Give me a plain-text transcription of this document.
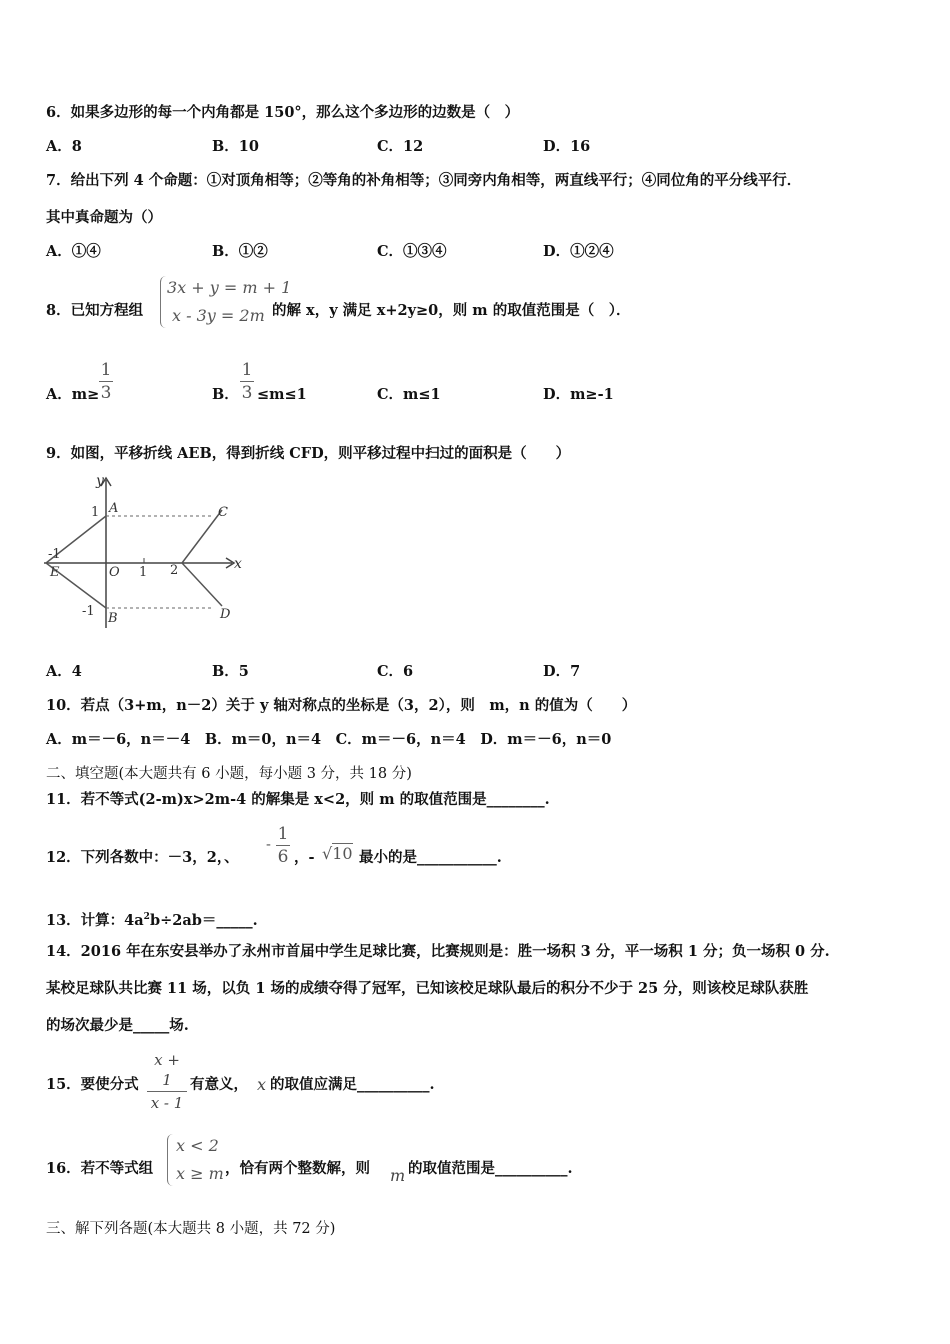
6．如果多边形的每一个内角都是 150°，那么这个多边形的边数是（　）
A．8	B．10	C．12	D．16
7．给出下列 4 个命题：①对顶角相等；②等角的补角相等；③同旁内角相等，两直线平行；④同位角的平分线平行．
其中真命题为（）
A．①④	B．①②	C．①③④	D．①②④
8．已知方程组
3x + y = m + 1
x - 3y = 2m 的解 x，y 满足 x+2y≥0，则 m 的取值范围是（　）．
A．m≥
1
3	B．
1
3 ≤m≤1	C．m≤1	D．m≥-1
9．如图，平移折线 AEB，得到折线 CFD，则平移过程中扫过的面积是（　　）
y
x
1 A	C
-1
E	O 1 2
-1 B	D
A．4	B．5	C．6	D．7
10．若点（3+m，n－2）关于 y 轴对称点的坐标是（3，2），则　m，n 的值为（　　）
A．m＝－6，n＝－4　B．m＝0，n＝4　C．m＝－6，n＝4　D．m＝－6，n＝0
二、填空题(本大题共有 6 小题，每小题 3 分，共 18 分)
11．若不等式(2-m)x>2m-4 的解集是 x<2，则 m 的取值范围是________.
12．下列各数中：－3，2，、
-
1
6 ，- √10 最小的是___________.
13．计算：$4a^2b\div 2ab=\_\_\_\_\_$.
14．2016 年在东安县举办了永州市首届中学生足球比赛，比赛规则是：胜一场积 3 分，平一场积 1 分；负一场积 0 分.
某校足球队共比赛 11 场，以负 1 场的成绩夺得了冠军，已知该校足球队最后的积分不少于 25 分，则该校足球队获胜
的场次最少是_____场.
15．要使分式
x + 1
x - 1
有意义， x 的取值应满足__________.
16．若不等式组
x < 2
x ≥ m ，恰有两个整数解，则 m 的取值范围是__________.
三、解下列各题(本大题共 8 小题，共 72 分)
